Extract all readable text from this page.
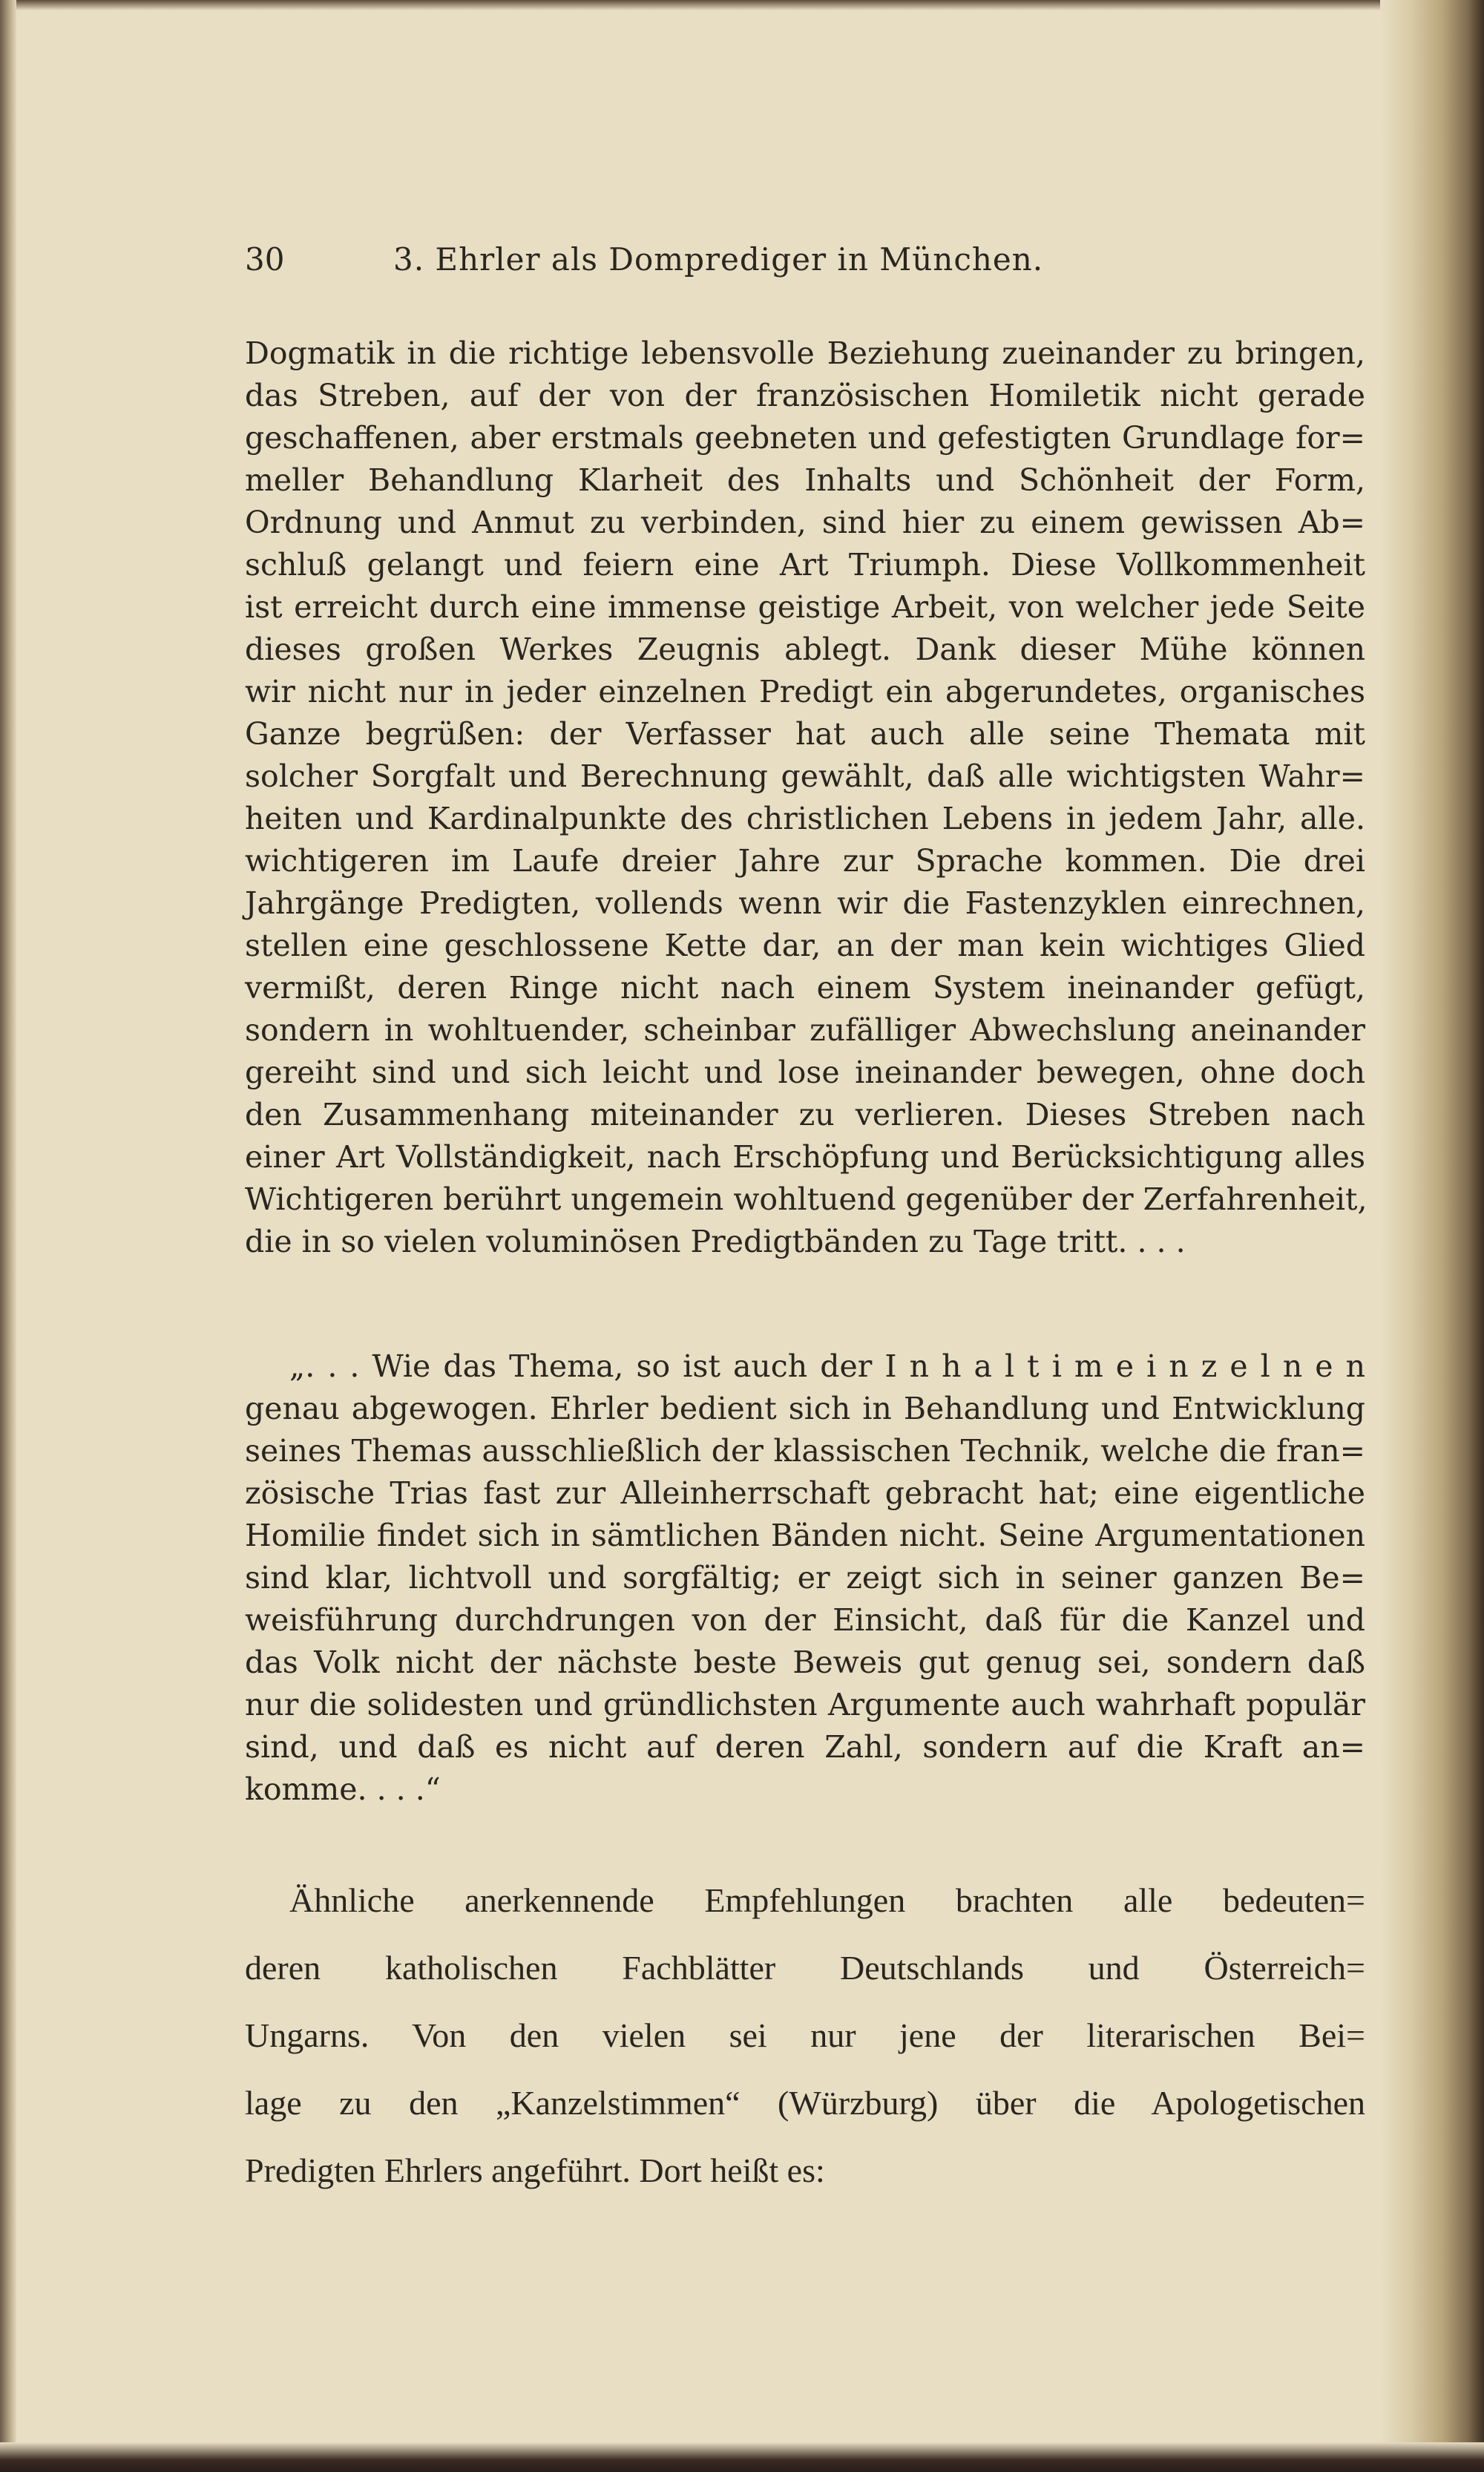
30	3. Ehrler als Domprediger in München.
Dogmatik in die richtige lebensvolle Beziehung zueinander zu bringen,
das Streben, auf der von der französischen Homiletik nicht gerade
geschaffenen, aber erstmals geebneten und gefestigten Grundlage for=
meller Behandlung Klarheit des Inhalts und Schönheit der Form,
Ordnung und Anmut zu verbinden, sind hier zu einem gewissen Ab=
schluß gelangt und feiern eine Art Triumph. Diese Vollkommenheit
ist erreicht durch eine immense geistige Arbeit, von welcher jede Seite
dieses großen Werkes Zeugnis ablegt. Dank dieser Mühe können
wir nicht nur in jeder einzelnen Predigt ein abgerundetes, organisches
Ganze begrüßen: der Verfasser hat auch alle seine Themata mit
solcher Sorgfalt und Berechnung gewählt, daß alle wichtigsten Wahr=
heiten und Kardinalpunkte des christlichen Lebens in jedem Jahr, alle.
wichtigeren im Laufe dreier Jahre zur Sprache kommen. Die drei
Jahrgänge Predigten, vollends wenn wir die Fastenzyklen einrechnen,
stellen eine geschlossene Kette dar, an der man kein wichtiges Glied
vermißt, deren Ringe nicht nach einem System ineinander gefügt,
sondern in wohltuender, scheinbar zufälliger Abwechslung aneinander
gereiht sind und sich leicht und lose ineinander bewegen, ohne doch
den Zusammenhang miteinander zu verlieren. Dieses Streben nach
einer Art Vollständigkeit, nach Erschöpfung und Berücksichtigung alles
Wichtigeren berührt ungemein wohltuend gegenüber der Zerfahrenheit,
die in so vielen voluminösen Predigtbänden zu Tage tritt. . . .
„. . . Wie das Thema, so ist auch der I n h a l t i m e i n z e l n e n
genau abgewogen. Ehrler bedient sich in Behandlung und Entwicklung
seines Themas ausschließlich der klassischen Technik, welche die fran=
zösische Trias fast zur Alleinherrschaft gebracht hat; eine eigentliche
Homilie findet sich in sämtlichen Bänden nicht. Seine Argumentationen
sind klar, lichtvoll und sorgfältig; er zeigt sich in seiner ganzen Be=
weisführung durchdrungen von der Einsicht, daß für die Kanzel und
das Volk nicht der nächste beste Beweis gut genug sei, sondern daß
nur die solidesten und gründlichsten Argumente auch wahrhaft populär
sind, und daß es nicht auf deren Zahl, sondern auf die Kraft an=
komme. . . .“
Ähnliche anerkennende Empfehlungen brachten alle bedeuten=
deren katholischen Fachblätter Deutschlands und Österreich=
Ungarns. Von den vielen sei nur jene der literarischen Bei=
lage zu den „Kanzelstimmen“ (Würzburg) über die Apologetischen
Predigten Ehrlers angeführt. Dort heißt es:
